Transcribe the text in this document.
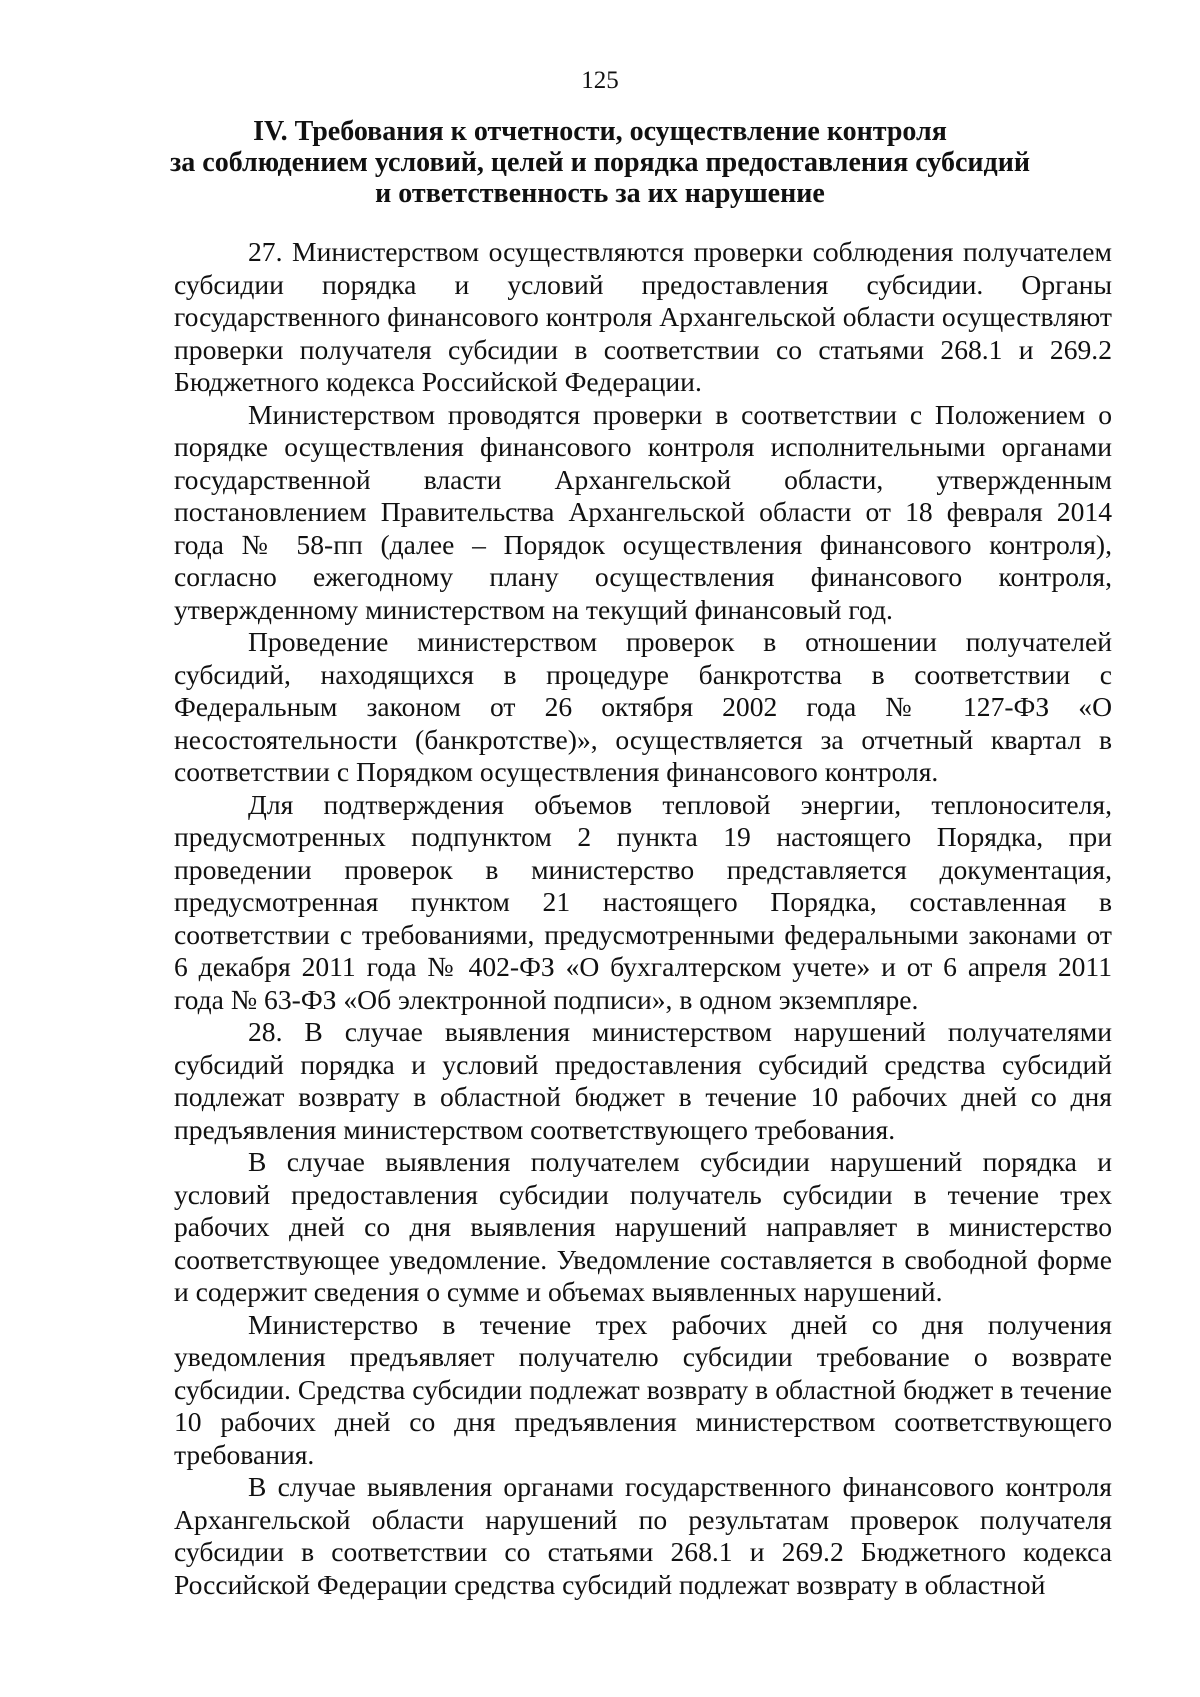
125
IV. Требования к отчетности, осуществление контроля
за соблюдением условий, целей и порядка предоставления субсидий
и ответственность за их нарушение

27. Министерством осуществляются проверки соблюдения получателем субсидии порядка и условий предоставления субсидии. Органы государственного финансового контроля Архангельской области осуществляют проверки получателя субсидии в соответствии со статьями 268.1 и 269.2 Бюджетного кодекса Российской Федерации.

Министерством проводятся проверки в соответствии с Положением о порядке осуществления финансового контроля исполнительными органами государственной власти Архангельской области, утвержденным постановлением Правительства Архангельской области от 18 февраля 2014 года № 58-пп (далее – Порядок осуществления финансового контроля), согласно ежегодному плану осуществления финансового контроля, утвержденному министерством на текущий финансовый год.

Проведение министерством проверок в отношении получателей субсидий, находящихся в процедуре банкротства в соответствии с Федеральным законом от 26 октября 2002 года № 127-ФЗ «О несостоятельности (банкротстве)», осуществляется за отчетный квартал в соответствии с Порядком осуществления финансового контроля.

Для подтверждения объемов тепловой энергии, теплоносителя, предусмотренных подпунктом 2 пункта 19 настоящего Порядка, при проведении проверок в министерство представляется документация, предусмотренная пунктом 21 настоящего Порядка, составленная в соответствии с требованиями, предусмотренными федеральными законами от 6 декабря 2011 года № 402-ФЗ «О бухгалтерском учете» и от 6 апреля 2011 года № 63-ФЗ «Об электронной подписи», в одном экземпляре.

28. В случае выявления министерством нарушений получателями субсидий порядка и условий предоставления субсидий средства субсидий подлежат возврату в областной бюджет в течение 10 рабочих дней со дня предъявления министерством соответствующего требования.

В случае выявления получателем субсидии нарушений порядка и условий предоставления субсидии получатель субсидии в течение трех рабочих дней со дня выявления нарушений направляет в министерство соответствующее уведомление. Уведомление составляется в свободной форме и содержит сведения о сумме и объемах выявленных нарушений.

Министерство в течение трех рабочих дней со дня получения уведомления предъявляет получателю субсидии требование о возврате субсидии. Средства субсидии подлежат возврату в областной бюджет в течение 10 рабочих дней со дня предъявления министерством соответствующего требования.

В случае выявления органами государственного финансового контроля Архангельской области нарушений по результатам проверок получателя субсидии в соответствии со статьями 268.1 и 269.2 Бюджетного кодекса Российской Федерации средства субсидий подлежат возврату в областной
